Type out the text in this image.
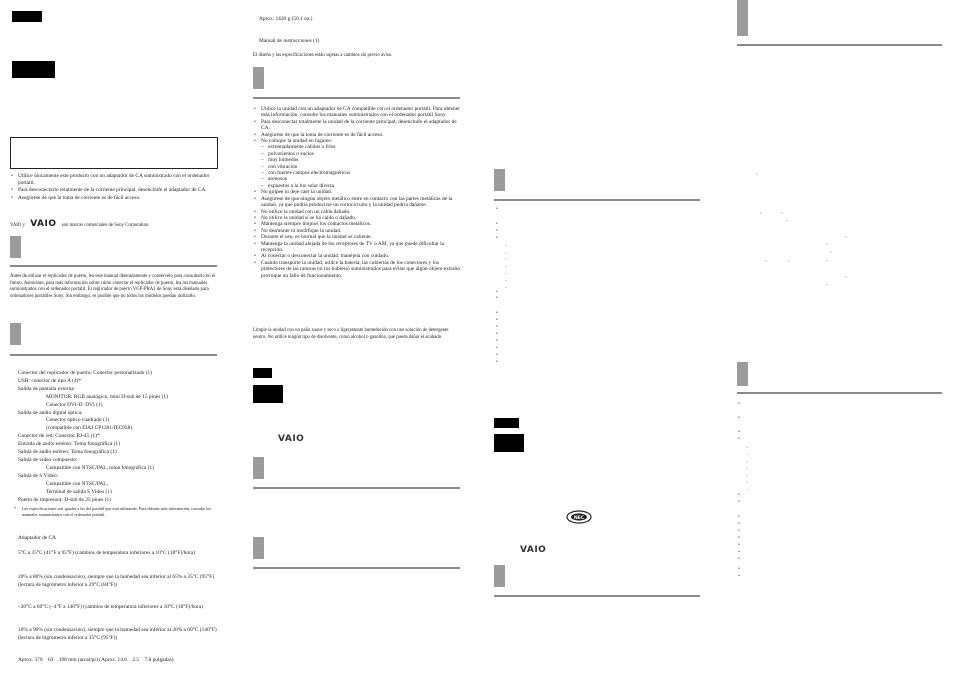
• Utilice únicamente este producto con un adaptador de CA suministrado con el ordenador portátil.
• Para desconectarlo totalmente de la corriente principal, desenchufe el adaptador de CA.
• Asegúrese de que la toma de corriente es de fácil acceso.
VAIO y VAIO son marcas comerciales de Sony Corporation.
Antes de utilizar el replicador de puerto, lea este manual detenidamente y consérvelo para consultarlo en el futuro. Asimismo, para más información sobre cómo conectar el replicador de puerto, lea los manuales suministrados con el ordenador portátil. El replicador de puerto VGP-PRA1 de Sony está diseñado para ordenadores portátiles Sony. Sin embargo, es posible que no todos los modelos puedan utilizarlo.
Conector del replicador de puerto: Conector personalizado (1)
USB: conector de tipo A (4)*
Salida de pantalla externa:
MONITOR: RGB analógico, mini D-sub de 15 pines (1)
Conector DVI-D: DVI (1)
Salida de audio digital óptica:
Conector óptico cuadrado (1)
(compatible con EIAJ CP1201/IEC958)
Conector de red: Conector RJ-45 (1)*
Entrada de audio estéreo: Toma fonográfica (1)
Salida de audio estéreo: Toma fonográfica (1)
Salida de vídeo compuesto:
Compatible con NTSC/PAL, toma fonográfica (1)
Salida de S Vídeo:
Compatible con NTSC/PAL,
Terminal de salida S Video (1)
Puerto de impresora: D-sub de 25 pines (1)
*	Las especificaciones son iguales a las del portátil que está utilizando. Para obtener más información, consulte los manuales suministrados con el ordenador portátil.
Adaptador de CA
5°C a 35°C (41°F a 95°F) (cambios de temperatura inferiores a 10°C (18°F)/hora)
20% a 80% (sin condensación), siempre que la humedad sea inferior al 65% a 35°C (95°F) (lectura de higrómetro inferior a 29°C (84°F))
–20°C a 60°C (–4°F a 140°F) (cambios de temperatura inferiores a 10°C (18°F)/hora)
10% a 90% (sin condensación), siempre que la humedad sea inferior al 20% a 60°C (140°F) (lectura de higrómetro inferior a 35°C (95°F))
Aprox. 370    63    198 mm (an/al/pr) (Aprox. 14.6    2.5    7.8 pulgadas)
Aprox. 1420 g (50.1 oz.)
Manual de instrucciones (1)
El diseño y las especificaciones están sujetas a cambios sin previo aviso.
• Utilice la unidad con un adaptador de CA compatible con el ordenador portátil. Para obtener más información, consulte los manuales suministrados con el ordenador portátil Sony.
• Para desconectar totalmente la unidad de la corriente principal, desenchufe el adaptador de CA.
• Asegúrese de que la toma de corriente es de fácil acceso.
• No coloque la unidad en lugares:
– extremadamente cálidos o fríos
– polvorientos o sucios
– muy húmedos
– con vibración
– con fuertes campos electromagnéticos
– arenosos
– expuestos a la luz solar directa
• No golpee ni deje caer la unidad.
• Asegúrese de que ningún objeto metálico entre en contacto con las partes metálicas de la unidad, ya que podría producirse un cortocircuito y la unidad podría dañarse.
• No utilice la unidad con un cable dañado.
• No utilice la unidad si se ha caído o dañado.
• Mantenga siempre limpios los contactos metálicos.
• No desmonte ni modifique la unidad.
• Durante el uso, es normal que la unidad se caliente.
• Mantenga la unidad alejada de los receptores de TV o AM, ya que puede dificultar la recepción.
• Al conectar o desconectar la unidad, manéjela con cuidado.
• Cuando transporte la unidad, utilice la batería, las cubiertas de los conectores y los protectores de las ranuras (si los hubiera) suministrados para evitar que algún objeto extraño provoque un fallo de funcionamiento.
Limpie la unidad con un paño suave y seco o ligeramente humedecido con una solución de detergente neutro. No utilice ningún tipo de disolvente, como alcohol o gasolina, que pueda dañar el acabado.
VAIO
•
•
•
•
–
–
–
–
–
–
–
•
•
•
•
•
•
•
•
•
•
NEC
VAIO
°
°	°
°
°
°
°
°	°	°
°
°
•
•
•
•
–
–
–
–
–
–
–
•
•
•
•
•
•
•
•
•
•
•
